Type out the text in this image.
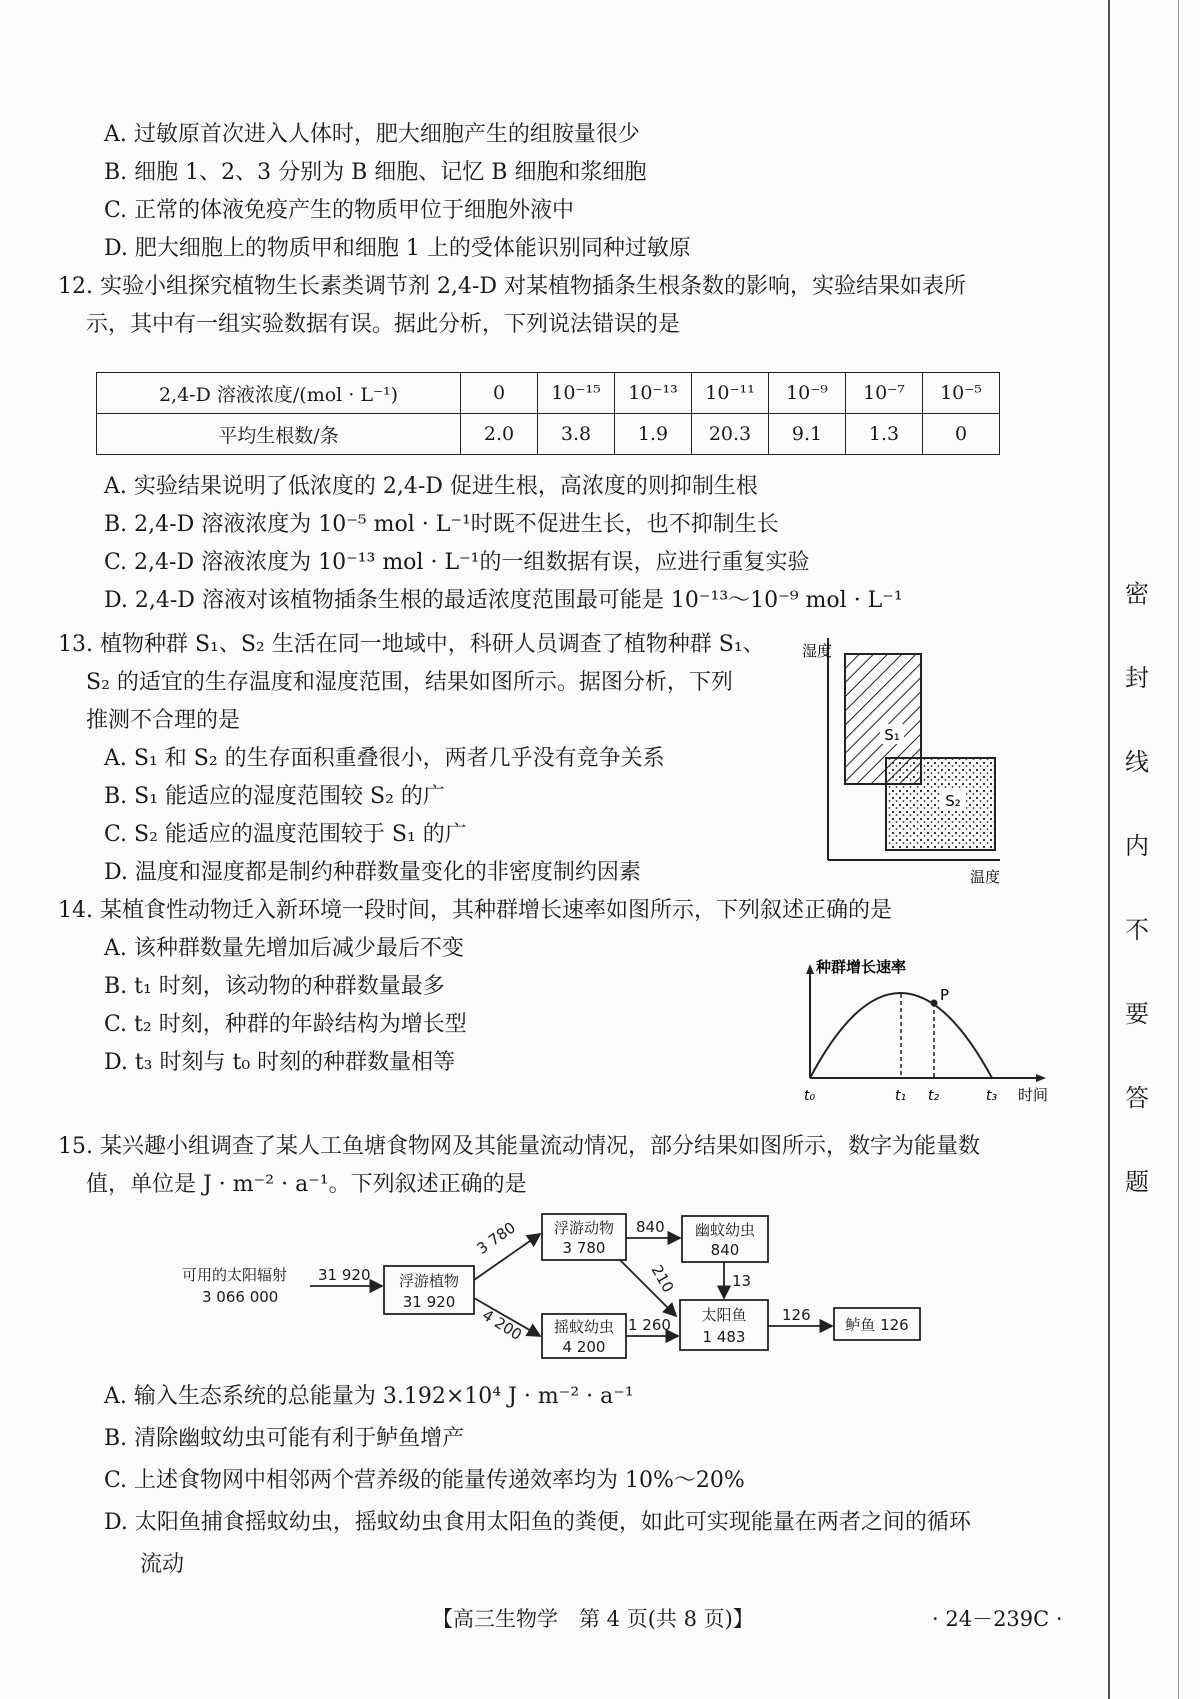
A. 过敏原首次进入人体时，肥大细胞产生的组胺量很少
B. 细胞 1、2、3 分别为 B 细胞、记忆 B 细胞和浆细胞
C. 正常的体液免疫产生的物质甲位于细胞外液中
D. 肥大细胞上的物质甲和细胞 1 上的受体能识别同种过敏原
12. 实验小组探究植物生长素类调节剂 2,4-D 对某植物插条生根条数的影响，实验结果如表所
示，其中有一组实验数据有误。据此分析，下列说法错误的是
2,4-D 溶液浓度/(mol · L⁻¹)	0	10⁻¹⁵	10⁻¹³	10⁻¹¹	10⁻⁹	10⁻⁷	10⁻⁵
平均生根数/条	2.0	3.8	1.9	20.3	9.1	1.3	0
A. 实验结果说明了低浓度的 2,4-D 促进生根，高浓度的则抑制生根
B. 2,4-D 溶液浓度为 10⁻⁵ mol · L⁻¹时既不促进生长，也不抑制生长
C. 2,4-D 溶液浓度为 10⁻¹³ mol · L⁻¹的一组数据有误，应进行重复实验
D. 2,4-D 溶液对该植物插条生根的最适浓度范围最可能是 10⁻¹³～10⁻⁹ mol · L⁻¹
13. 植物种群 S₁、S₂ 生活在同一地域中，科研人员调查了植物种群 S₁、
S₂ 的适宜的生存温度和湿度范围，结果如图所示。据图分析，下列
推测不合理的是
A. S₁ 和 S₂ 的生存面积重叠很小，两者几乎没有竞争关系
B. S₁ 能适应的湿度范围较 S₂ 的广
C. S₂ 能适应的温度范围较于 S₁ 的广
D. 温度和湿度都是制约种群数量变化的非密度制约因素
S₁
S₂
湿度
温度
14. 某植食性动物迁入新环境一段时间，其种群增长速率如图所示，下列叙述正确的是
A. 该种群数量先增加后减少最后不变
B. t₁ 时刻，该动物的种群数量最多
C. t₂ 时刻，种群的年龄结构为增长型
D. t₃ 时刻与 t₀ 时刻的种群数量相等
P
种群增长速率
时间
t₀	t₁ t₂	t₃
15. 某兴趣小组调查了某人工鱼塘食物网及其能量流动情况，部分结果如图所示，数字为能量数
值，单位是 J · m⁻² · a⁻¹。下列叙述正确的是
可用的太阳辐射
3 066 000
31 920 浮游植物
31 920
3 780
4 200
浮游动物
3 780
840
210
幽蚊幼虫
840
13
摇蚊幼虫
4 200
1 260
太阳鱼
1 483
126
鲈鱼 126
A. 输入生态系统的总能量为 3.192×10⁴ J · m⁻² · a⁻¹
B. 清除幽蚊幼虫可能有利于鲈鱼增产
C. 上述食物网中相邻两个营养级的能量传递效率均为 10%～20%
D. 太阳鱼捕食摇蚊幼虫，摇蚊幼虫食用太阳鱼的粪便，如此可实现能量在两者之间的循环
流动
【高三生物学　第 4 页(共 8 页)】	· 24－239C ·
密
封
线
内
不
要
答
题
